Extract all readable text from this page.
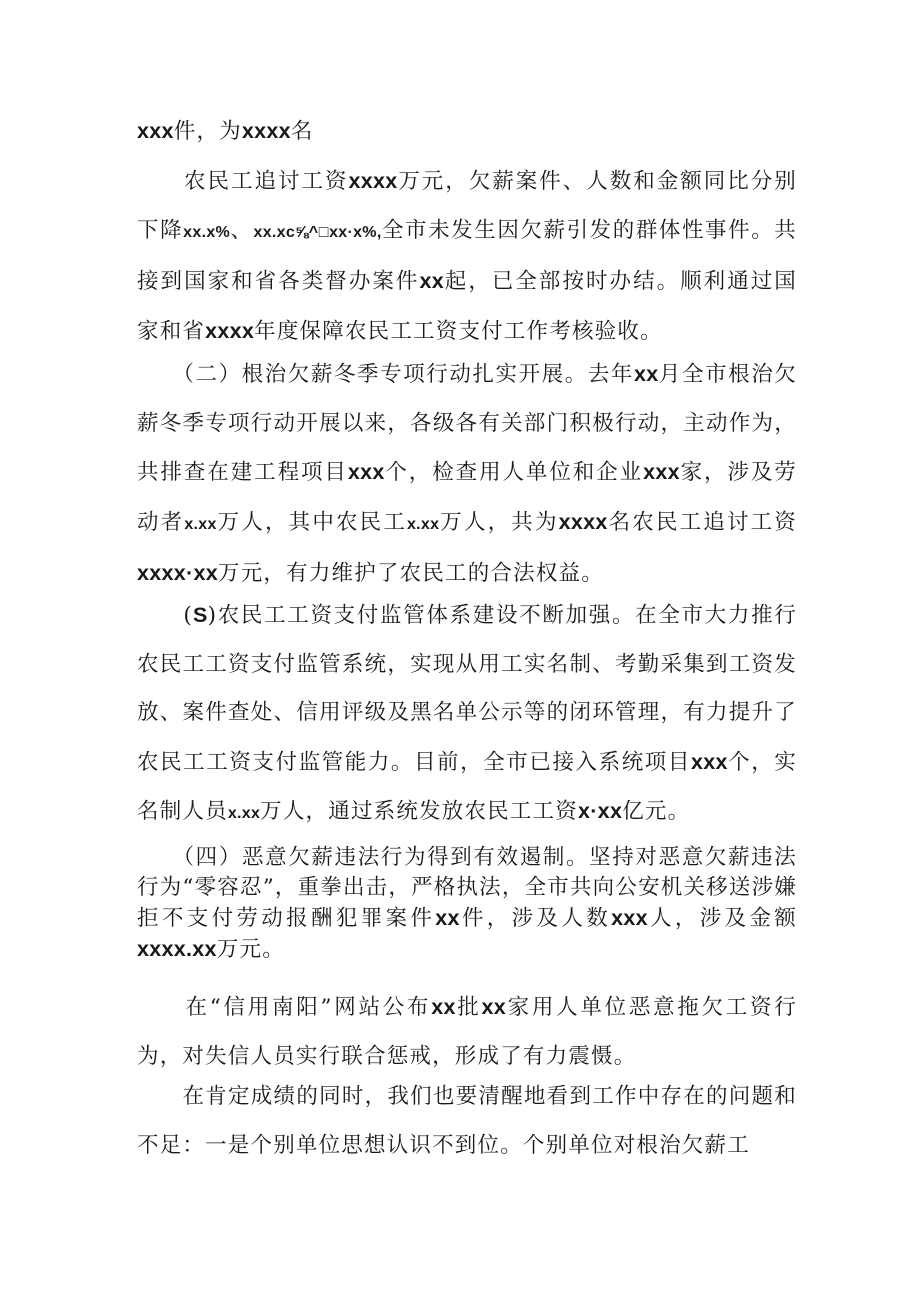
xxx件，为xxxx名

　　农民工追讨工资xxxx万元，欠薪案件、人数和金额同比分别下降xx.x%、xx.xc⅝^□xx·x%,全市未发生因欠薪引发的群体性事件。共接到国家和省各类督办案件xx起，已全部按时办结。顺利通过国家和省xxxx年度保障农民工工资支付工作考核验收。

　　（二）根治欠薪冬季专项行动扎实开展。去年xx月全市根治欠薪冬季专项行动开展以来，各级各有关部门积极行动，主动作为，共排查在建工程项目xxx个，检查用人单位和企业xxx家，涉及劳动者x.xx万人，其中农民工x.xx万人，共为xxxx名农民工追讨工资xxxx·xx万元，有力维护了农民工的合法权益。

　　(S)农民工工资支付监管体系建设不断加强。在全市大力推行农民工工资支付监管系统，实现从用工实名制、考勤采集到工资发放、案件查处、信用评级及黑名单公示等的闭环管理，有力提升了农民工工资支付监管能力。目前，全市已接入系统项目xxx个，实名制人员x.xx万人，通过系统发放农民工工资x·xx亿元。

　　（四）恶意欠薪违法行为得到有效遏制。坚持对恶意欠薪违法行为“零容忍”，重拳出击，严格执法，全市共向公安机关移送涉嫌拒不支付劳动报酬犯罪案件xx件，涉及人数xxx人，涉及金额xxxx.xx万元。

　　在“信用南阳”网站公布xx批xx家用人单位恶意拖欠工资行为，对失信人员实行联合惩戒，形成了有力震慑。

　　在肯定成绩的同时，我们也要清醒地看到工作中存在的问题和不足：一是个别单位思想认识不到位。个别单位对根治欠薪工
